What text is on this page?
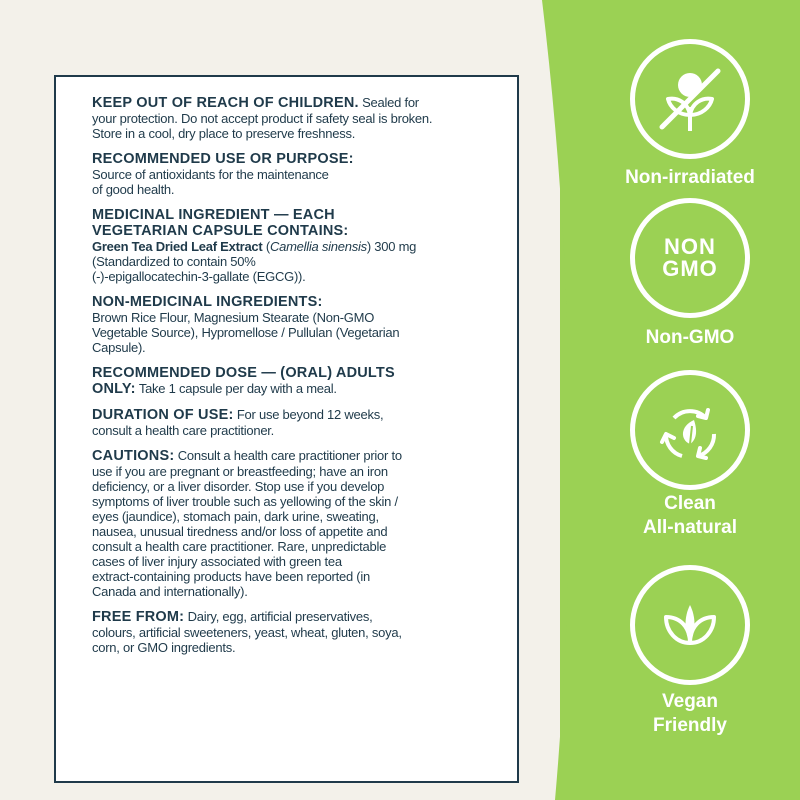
KEEP OUT OF REACH OF CHILDREN. Sealed for
your protection. Do not accept product if safety seal is broken.
Store in a cool, dry place to preserve freshness.
RECOMMENDED USE OR PURPOSE:
Source of antioxidants for the maintenance
of good health.
MEDICINAL INGREDIENT — EACH
VEGETARIAN CAPSULE CONTAINS:
Green Tea Dried Leaf Extract (Camellia sinensis) 300 mg
(Standardized to contain 50%
(-)-epigallocatechin-3-gallate (EGCG)).
NON-MEDICINAL INGREDIENTS:
Brown Rice Flour, Magnesium Stearate (Non-GMO
Vegetable Source), Hypromellose / Pullulan (Vegetarian
Capsule).
RECOMMENDED DOSE — (ORAL) ADULTS
ONLY: Take 1 capsule per day with a meal.
DURATION OF USE: For use beyond 12 weeks,
consult a health care practitioner.
CAUTIONS: Consult a health care practitioner prior to
use if you are pregnant or breastfeeding; have an iron
deficiency, or a liver disorder. Stop use if you develop
symptoms of liver trouble such as yellowing of the skin /
eyes (jaundice), stomach pain, dark urine, sweating,
nausea, unusual tiredness and/or loss of appetite and
consult a health care practitioner. Rare, unpredictable
cases of liver injury associated with green tea
extract-containing products have been reported (in
Canada and internationally).
FREE FROM: Dairy, egg, artificial preservatives,
colours, artificial sweeteners, yeast, wheat, gluten, soya,
corn, or GMO ingredients.
Non-irradiated
NON
GMO
Non-GMO
Clean
All-natural
Vegan
Friendly
